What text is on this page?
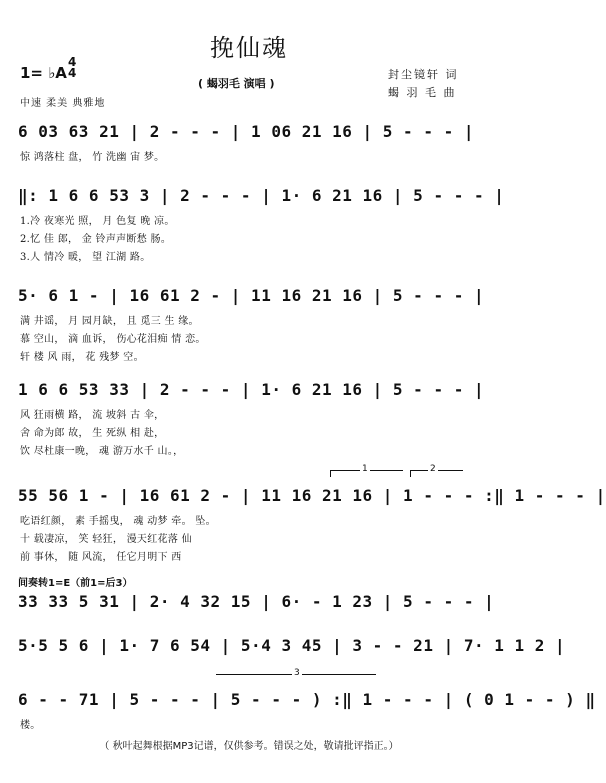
挽仙魂
1= ♭A
4
4
( 蝎羽毛 演唱 )
封尘镜轩 词
蝎 羽 毛 曲
中速 柔美 典雅地
6 03 63 21 | 2 - - - | 1 06 21 16 | 5 - - - |
惊 鸿落柱 盘， 竹 洗幽 宙 梦。
‖: 1 6 6 53 3 | 2 - - - | 1· 6 21 16 | 5 - - - |
1.冷 夜寒光 照， 月 色复 晚 凉。
2.忆 佳 郎， 金 铃声声断愁 肠。
3.人 情冷 暖， 望 江湖 路。
5· 6 1 - | 16 61 2 - | 11 16 21 16 | 5 - - - |
满 井谣， 月 园月缺， 且 觅三 生 缘。
慕 空山， 滴 血诉， 伤心花泪痴 情 恋。
轩 楼 风 雨， 花 残梦 空。
1 6 6 53 33 | 2 - - - | 1· 6 21 16 | 5 - - - |
风 狂雨横 路， 流 坡斜 古 伞，
舍 命为郎 故， 生 死纵 相 赴，
饮 尽杜康一晚， 魂 游万水千 山。，
1	2
55 56 1 - | 16 61 2 - | 11 16 21 16 | 1 - - - :‖ 1 - - - |
吃语红颜， 素 手摇曳， 魂 动梦 牵。 坠。
十 载凄凉， 笑 轻狂， 漫天红花落 仙
前 事休， 随 风流， 任它月明下 西
间奏转1=E（前1=后3）
33 33 5 31 | 2· 4 32 15 | 6· - 1 23 | 5 - - - |
5·5 5 6 | 1· 7 6 54 | 5·4 3 45 | 3 - - 21 | 7· 1 1 2 |
3
6 - - 71 | 5 - - - | 5 - - - ) :‖ 1 - - - | ( 0 1 - - ) ‖
楼。
（ 秋叶起舞根据MP3记谱，仅供参考。错误之处，敬请批评指正。）
